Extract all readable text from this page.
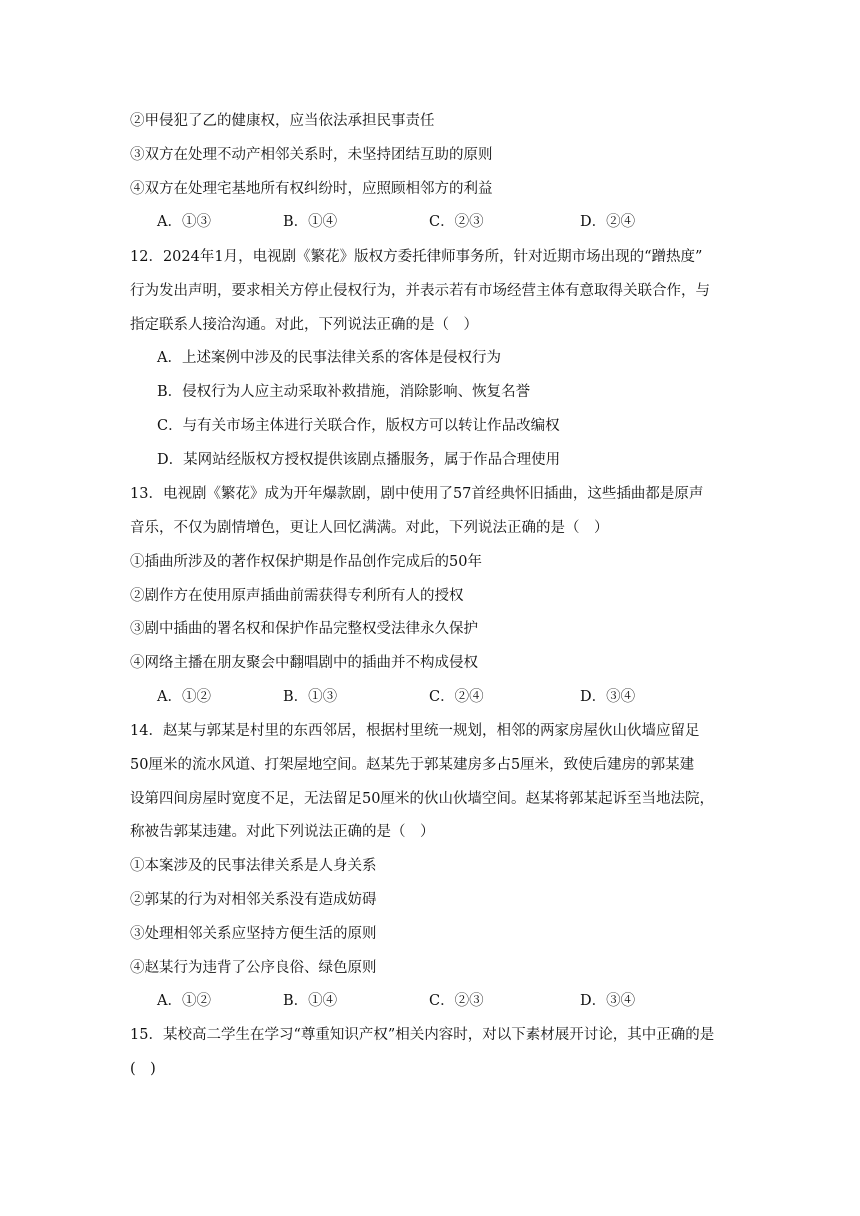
②甲侵犯了乙的健康权，应当依法承担民事责任
③双方在处理不动产相邻关系时，未坚持团结互助的原则
④双方在处理宅基地所有权纠纷时，应照顾相邻方的利益
A．①③	B．①④	C．②③	D．②④
12．2024年1月，电视剧《繁花》版权方委托律师事务所，针对近期市场出现的“蹭热度”
行为发出声明，要求相关方停止侵权行为，并表示若有市场经营主体有意取得关联合作，与
指定联系人接洽沟通。对此，下列说法正确的是（　）
A．上述案例中涉及的民事法律关系的客体是侵权行为
B．侵权行为人应主动采取补救措施，消除影响、恢复名誉
C．与有关市场主体进行关联合作，版权方可以转让作品改编权
D．某网站经版权方授权提供该剧点播服务，属于作品合理使用
13．电视剧《繁花》成为开年爆款剧，剧中使用了57首经典怀旧插曲，这些插曲都是原声
音乐，不仅为剧情增色，更让人回忆满满。对此，下列说法正确的是（　）
①插曲所涉及的著作权保护期是作品创作完成后的50年
②剧作方在使用原声插曲前需获得专利所有人的授权
③剧中插曲的署名权和保护作品完整权受法律永久保护
④网络主播在朋友聚会中翻唱剧中的插曲并不构成侵权
A．①②	B．①③	C．②④	D．③④
14．赵某与郭某是村里的东西邻居，根据村里统一规划，相邻的两家房屋伙山伙墙应留足
50厘米的流水风道、打架屋地空间。赵某先于郭某建房多占5厘米，致使后建房的郭某建
设第四间房屋时宽度不足，无法留足50厘米的伙山伙墙空间。赵某将郭某起诉至当地法院，
称被告郭某违建。对此下列说法正确的是（　）
①本案涉及的民事法律关系是人身关系
②郭某的行为对相邻关系没有造成妨碍
③处理相邻关系应坚持方便生活的原则
④赵某行为违背了公序良俗、绿色原则
A．①②	B．①④	C．②③	D．③④
15．某校高二学生在学习“尊重知识产权”相关内容时，对以下素材展开讨论，其中正确的是
(　)
